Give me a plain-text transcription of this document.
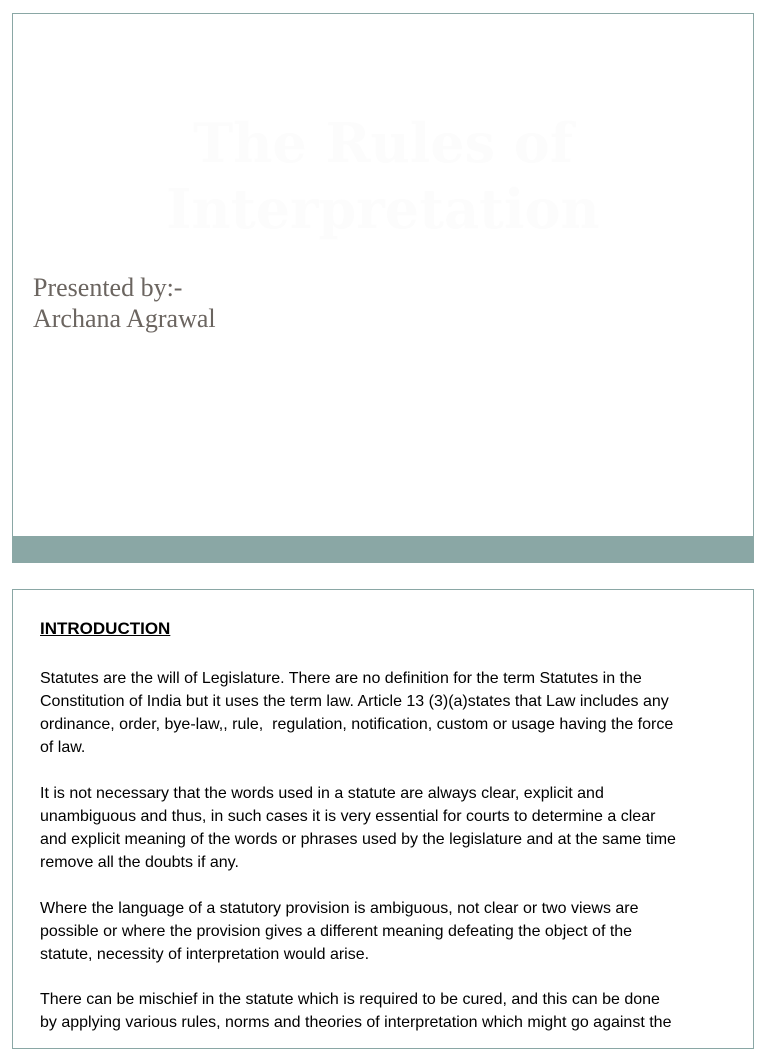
The Rules of
Interpretation
Presented by:-
Archana Agrawal
INTRODUCTION

Statutes are the will of Legislature. There are no definition for the term Statutes in the
Constitution of India but it uses the term law. Article 13 (3)(a)states that Law includes any
ordinance, order, bye-law,, rule,  regulation, notification, custom or usage having the force
of law.

It is not necessary that the words used in a statute are always clear, explicit and
unambiguous and thus, in such cases it is very essential for courts to determine a clear
and explicit meaning of the words or phrases used by the legislature and at the same time
remove all the doubts if any.

Where the language of a statutory provision is ambiguous, not clear or two views are
possible or where the provision gives a different meaning defeating the object of the
statute, necessity of interpretation would arise.

There can be mischief in the statute which is required to be cured, and this can be done
by applying various rules, norms and theories of interpretation which might go against the
